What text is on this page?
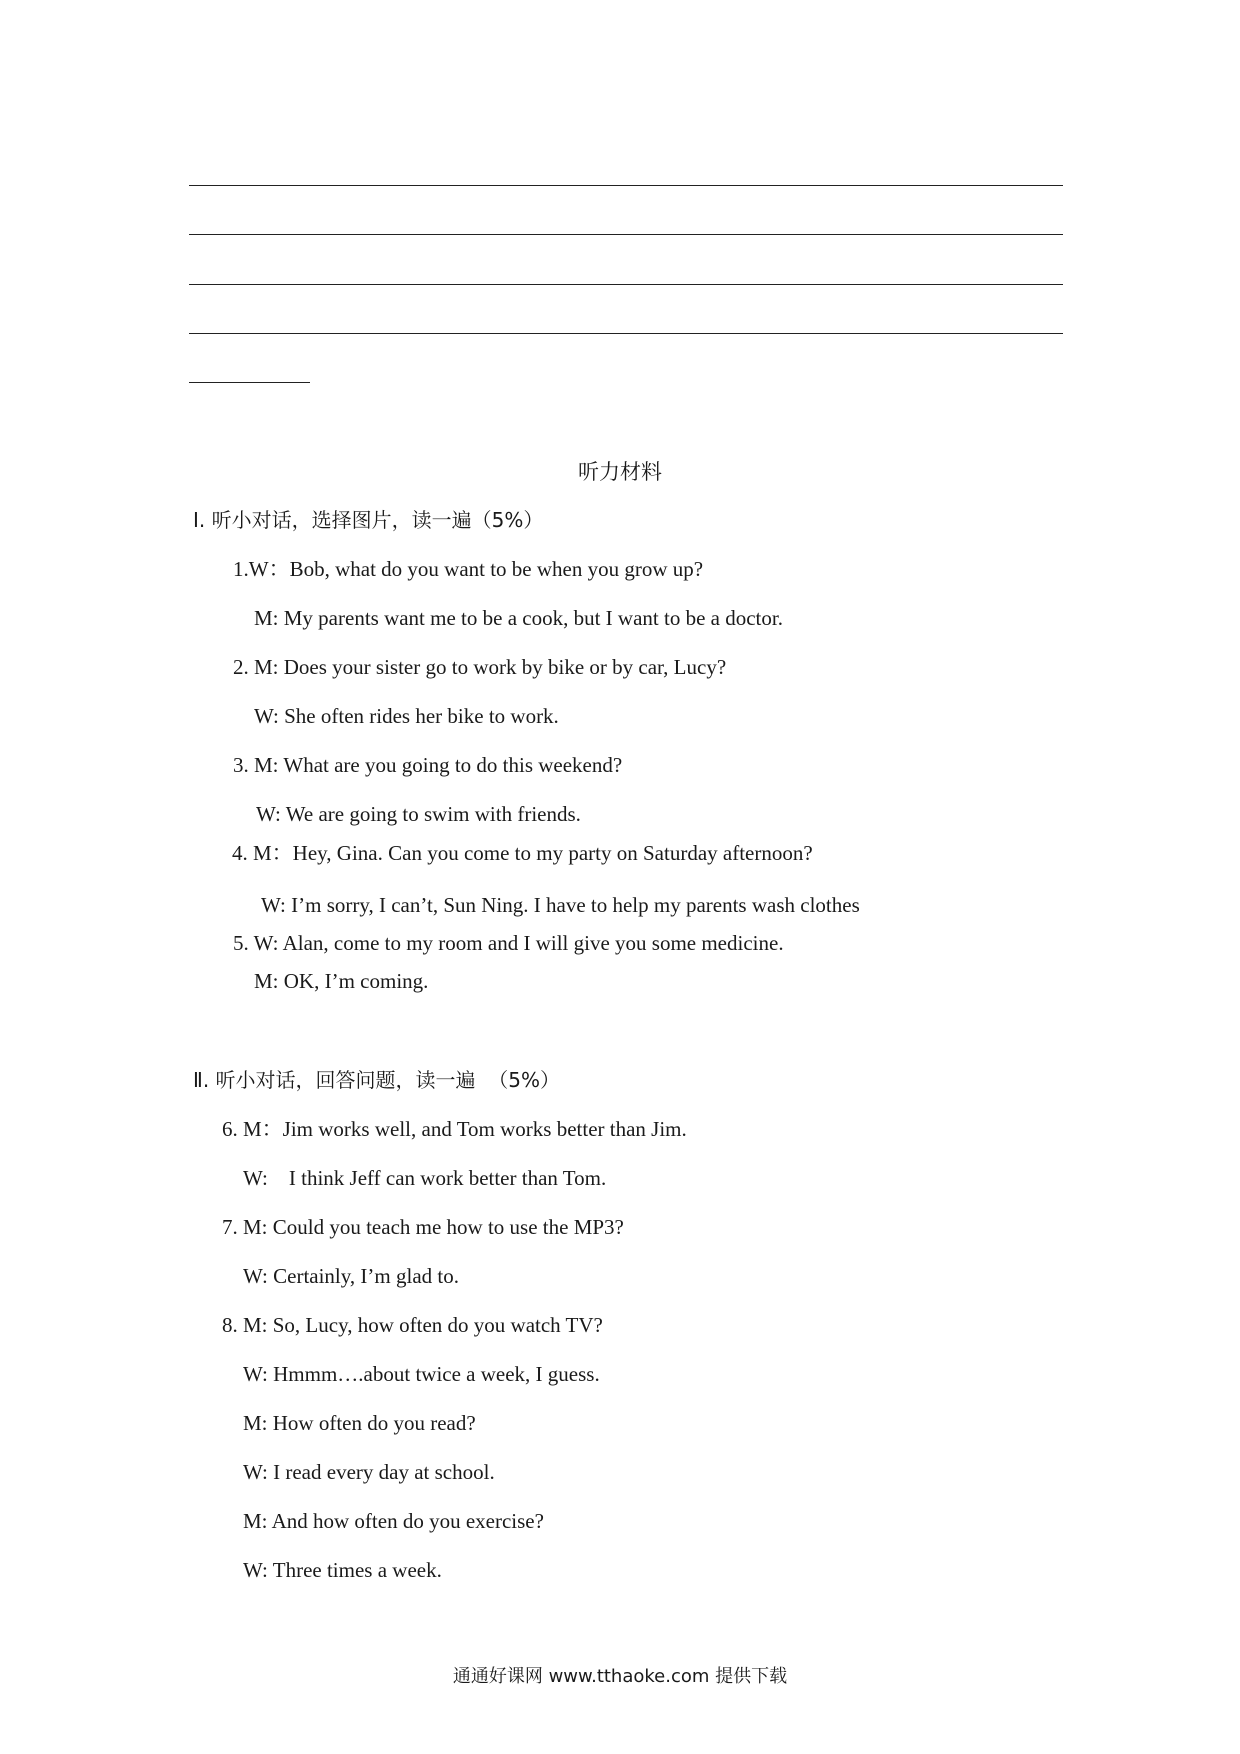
听力材料
Ⅰ. 听小对话，选择图片，读一遍（5%）
1.W：Bob, what do you want to be when you grow up?
M: My parents want me to be a cook, but I want to be a doctor.
2. M: Does your sister go to work by bike or by car, Lucy?
W: She often rides her bike to work.
3. M: What are you going to do this weekend?
W: We are going to swim with friends.
4. M：Hey, Gina. Can you come to my party on Saturday afternoon?
W: I’m sorry, I can’t, Sun Ning. I have to help my parents wash clothes
5. W: Alan, come to my room and I will give you some medicine.
M: OK, I’m coming.
Ⅱ. 听小对话，回答问题，读一遍  （5%）
6. M：Jim works well, and Tom works better than Jim.
W:    I think Jeff can work better than Tom.
7. M: Could you teach me how to use the MP3?
W: Certainly, I’m glad to.
8. M: So, Lucy, how often do you watch TV?
W: Hmmm….about twice a week, I guess.
M: How often do you read?
W: I read every day at school.
M: And how often do you exercise?
W: Three times a week.
通通好课网 www.tthaoke.com 提供下载
